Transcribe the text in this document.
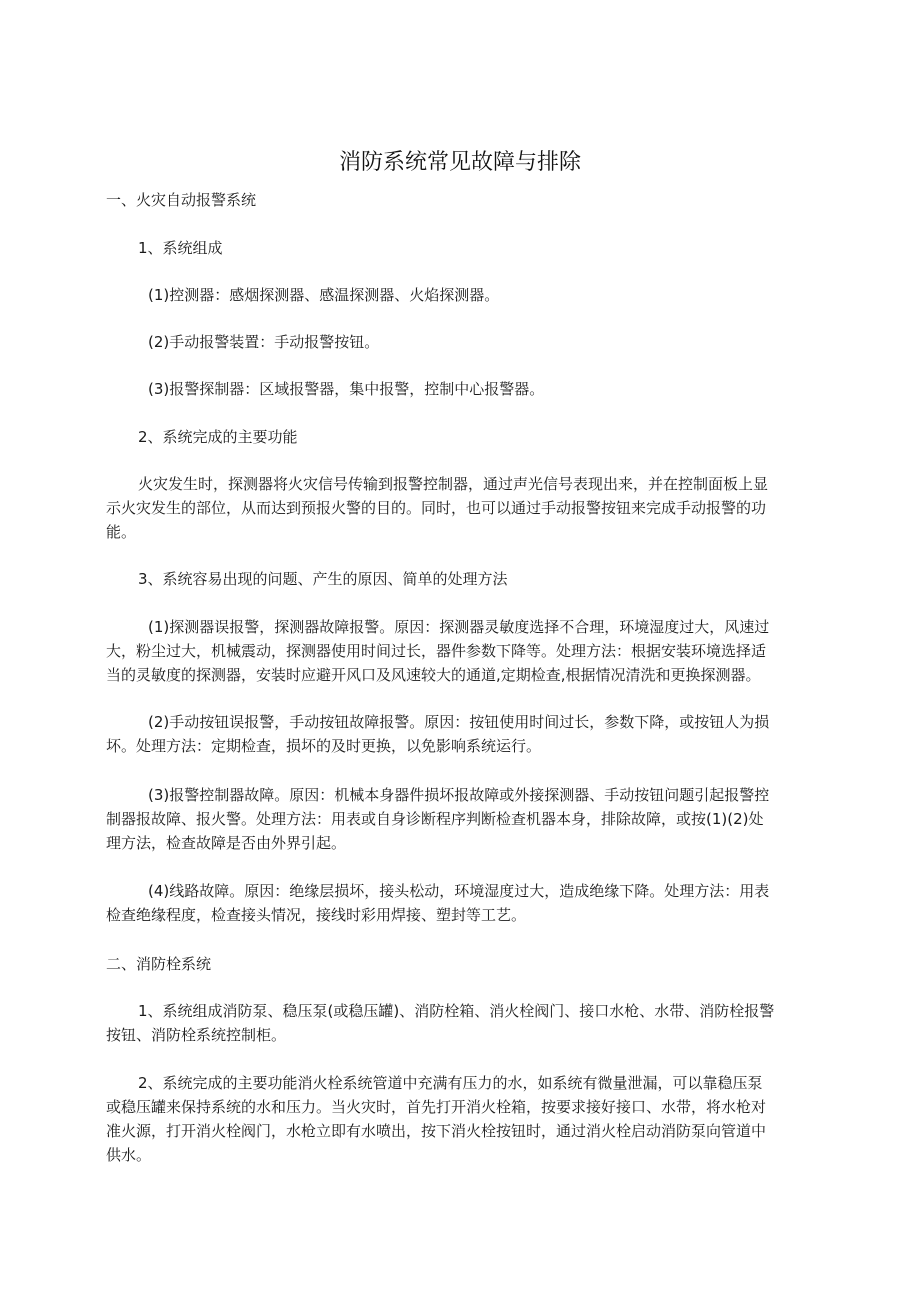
消防系统常见故障与排除

一、火灾自动报警系统

1、系统组成

(1)控测器：感烟探测器、感温探测器、火焰探测器。

(2)手动报警装置：手动报警按钮。

(3)报警探制器：区域报警器，集中报警，控制中心报警器。

2、系统完成的主要功能

火灾发生时，探测器将火灾信号传输到报警控制器，通过声光信号表现出来，并在控制面板上显

示火灾发生的部位，从而达到预报火警的目的。同时，也可以通过手动报警按钮来完成手动报警的功

能。

3、系统容易出现的问题、产生的原因、简单的处理方法

(1)探测器误报警，探测器故障报警。原因：探测器灵敏度选择不合理，环境湿度过大，风速过

大，粉尘过大，机械震动，探测器使用时间过长，器件参数下降等。处理方法：根据安装环境选择适

当的灵敏度的探测器，安装时应避开风口及风速较大的通道,定期检查,根据情况清洗和更换探测器。

(2)手动按钮误报警，手动按钮故障报警。原因：按钮使用时间过长，参数下降，或按钮人为损

坏。处理方法：定期检查，损坏的及时更换，以免影响系统运行。

(3)报警控制器故障。原因：机械本身器件损坏报故障或外接探测器、手动按钮问题引起报警控

制器报故障、报火警。处理方法：用表或自身诊断程序判断检查机器本身，排除故障，或按(1)(2)处

理方法，检查故障是否由外界引起。

(4)线路故障。原因：绝缘层损坏，接头松动，环境湿度过大，造成绝缘下降。处理方法：用表

检查绝缘程度，检查接头情况，接线时彩用焊接、塑封等工艺。

二、消防栓系统

1、系统组成消防泵、稳压泵(或稳压罐)、消防栓箱、消火栓阀门、接口水枪、水带、消防栓报警

按钮、消防栓系统控制柜。

2、系统完成的主要功能消火栓系统管道中充满有压力的水，如系统有微量泄漏，可以靠稳压泵

或稳压罐来保持系统的水和压力。当火灾时，首先打开消火栓箱，按要求接好接口、水带，将水枪对

准火源，打开消火栓阀门，水枪立即有水喷出，按下消火栓按钮时，通过消火栓启动消防泵向管道中

供水。
